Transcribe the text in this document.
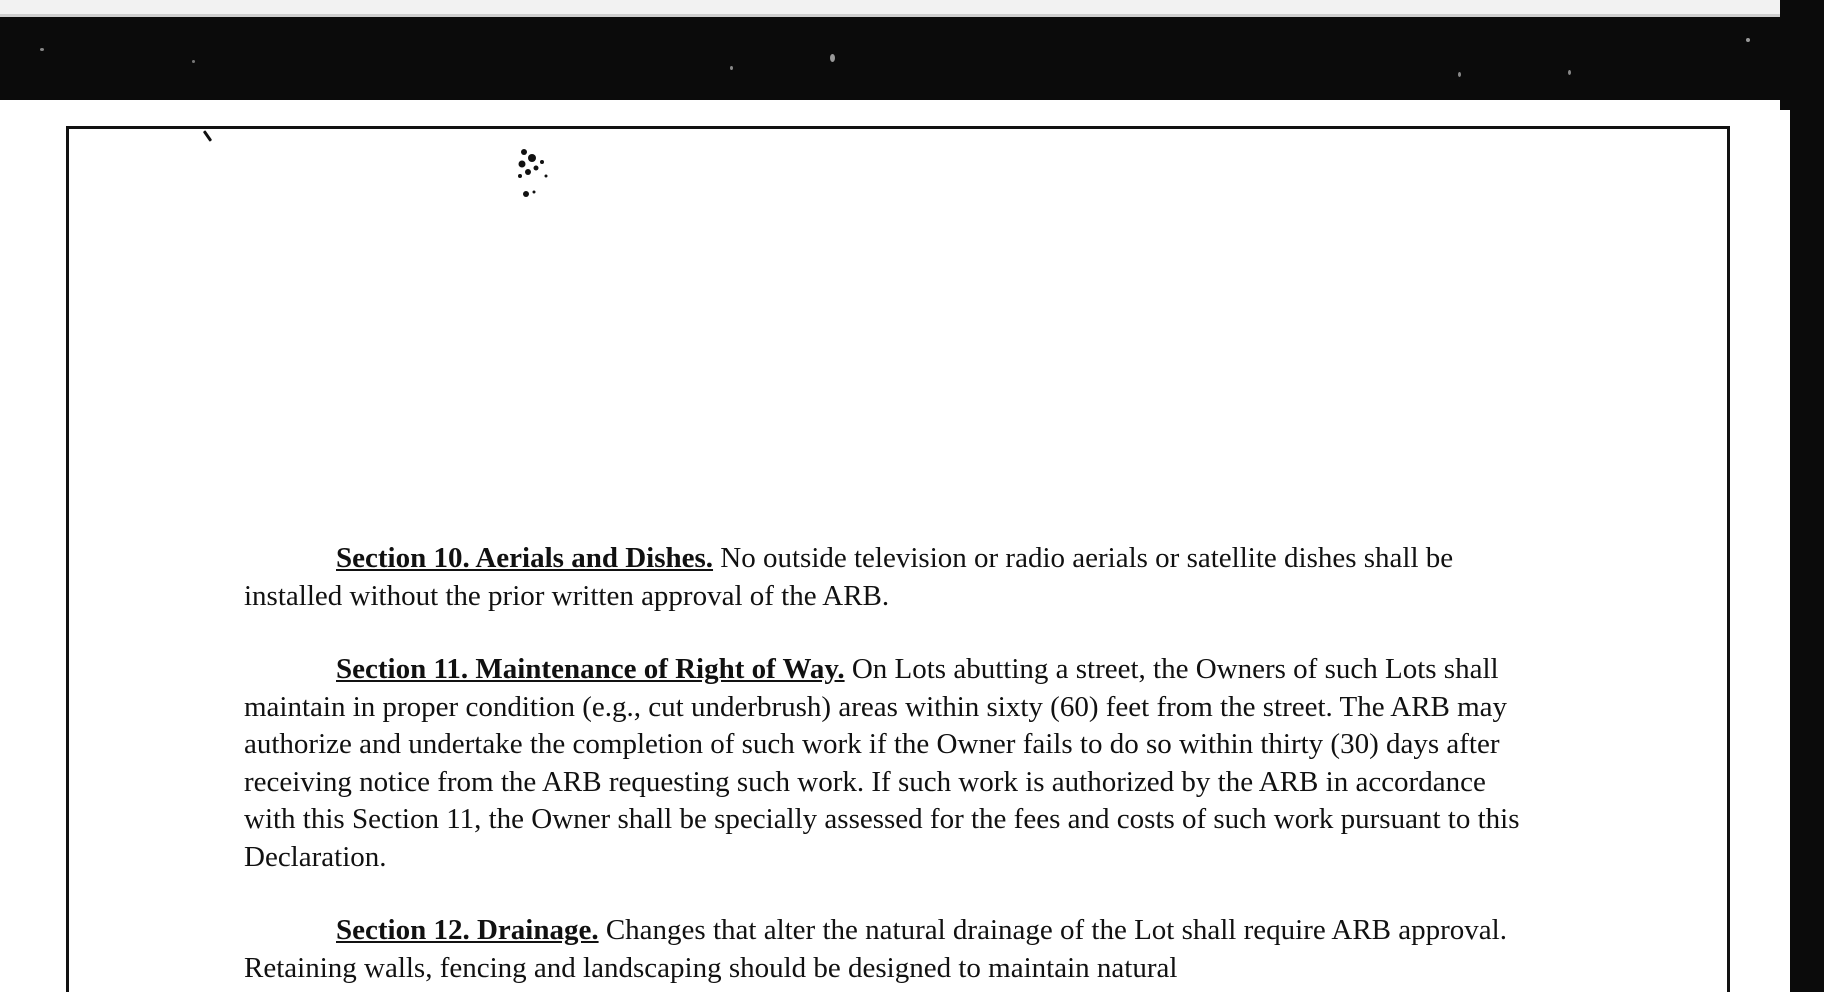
Section 10. Aerials and Dishes. No outside television or radio aerials or satellite dishes shall be installed without the prior written approval of the ARB.

Section 11. Maintenance of Right of Way. On Lots abutting a street, the Owners of such Lots shall maintain in proper condition (e.g., cut underbrush) areas within sixty (60) feet from the street. The ARB may authorize and undertake the completion of such work if the Owner fails to do so within thirty (30) days after receiving notice from the ARB requesting such work. If such work is authorized by the ARB in accordance with this Section 11, the Owner shall be specially assessed for the fees and costs of such work pursuant to this Declaration.

Section 12. Drainage. Changes that alter the natural drainage of the Lot shall require ARB approval. Retaining walls, fencing and landscaping should be designed to maintain natural
